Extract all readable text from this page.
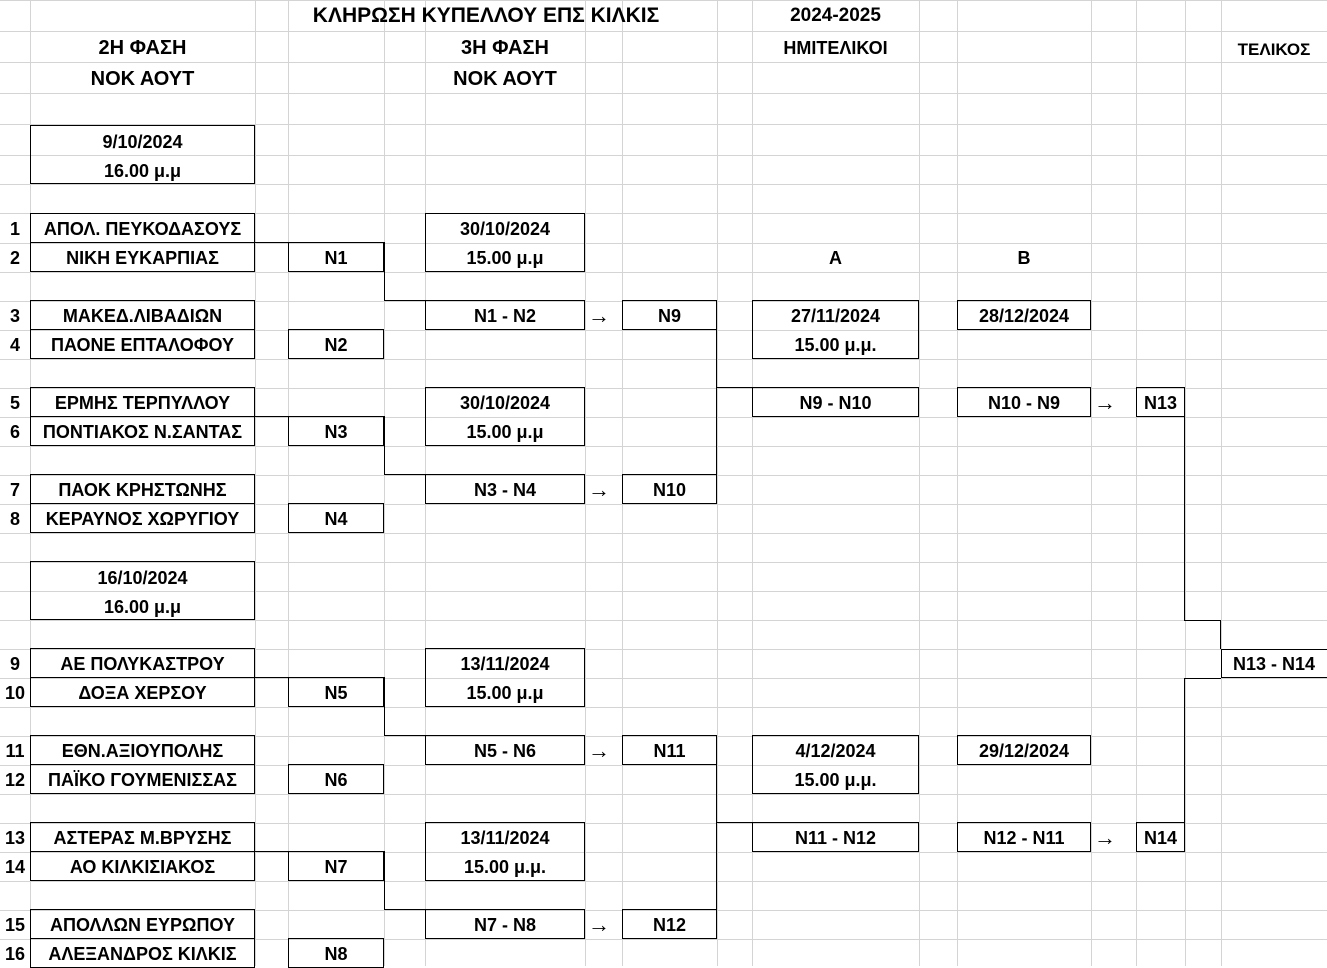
ΚΛΗΡΩΣΗ ΚΥΠΕΛΛΟΥ ΕΠΣ ΚΙΛΚΙΣ	2024-2025
2Η ΦΑΣΗ
ΝΟΚ ΑΟΥΤ
3Η ΦΑΣΗ
ΝΟΚ ΑΟΥΤ
ΗΜΙΤΕΛΙΚΟΙ	ΤΕΛΙΚΟΣ
Α	Β
9/10/2024
16.00 μ.μ
16/10/2024
16.00 μ.μ
1	ΑΠΟΛ. ΠΕΥΚΟΔΑΣΟΥΣ
2	ΝΙΚΗ ΕΥΚΑΡΠΙΑΣ
3	ΜΑΚΕΔ.ΛΙΒΑΔΙΩΝ
4	ΠΑΟΝΕ ΕΠΤΑΛΟΦΟΥ
5	ΕΡΜΗΣ ΤΕΡΠΥΛΛΟΥ
6	ΠΟΝΤΙΑΚΟΣ Ν.ΣΑΝΤΑΣ
7	ΠΑΟΚ ΚΡΗΣΤΩΝΗΣ
8	ΚΕΡΑΥΝΟΣ ΧΩΡΥΓΙΟΥ
9	ΑΕ ΠΟΛΥΚΑΣΤΡΟΥ
10	ΔΟΞΑ ΧΕΡΣΟΥ
11	ΕΘΝ.ΑΞΙΟΥΠΟΛΗΣ
12	ΠΑΪΚΟ ΓΟΥΜΕΝΙΣΣΑΣ
13	ΑΣΤΕΡΑΣ Μ.ΒΡΥΣΗΣ
14	ΑΟ ΚΙΛΚΙΣΙΑΚΟΣ
15	ΑΠΟΛΛΩΝ ΕΥΡΩΠΟΥ
16	ΑΛΕΞΑΝΔΡΟΣ ΚΙΛΚΙΣ
N1
N2
N3
N4
N5
N6
N7
N8
30/10/2024
15.00 μ.μ
N1 - N2	→	N9
30/10/2024
15.00 μ.μ
N3 - N4	→	N10
13/11/2024
15.00 μ.μ
N5 - N6	→	N11
13/11/2024
15.00 μ.μ.
N7 - N8	→	N12
27/11/2024
15.00 μ.μ.
28/12/2024
N9 - N10	N10 - N9	→	N13
4/12/2024
15.00 μ.μ.
29/12/2024
N11 - N12	N12 - N11	→	N14
N13 - N14
